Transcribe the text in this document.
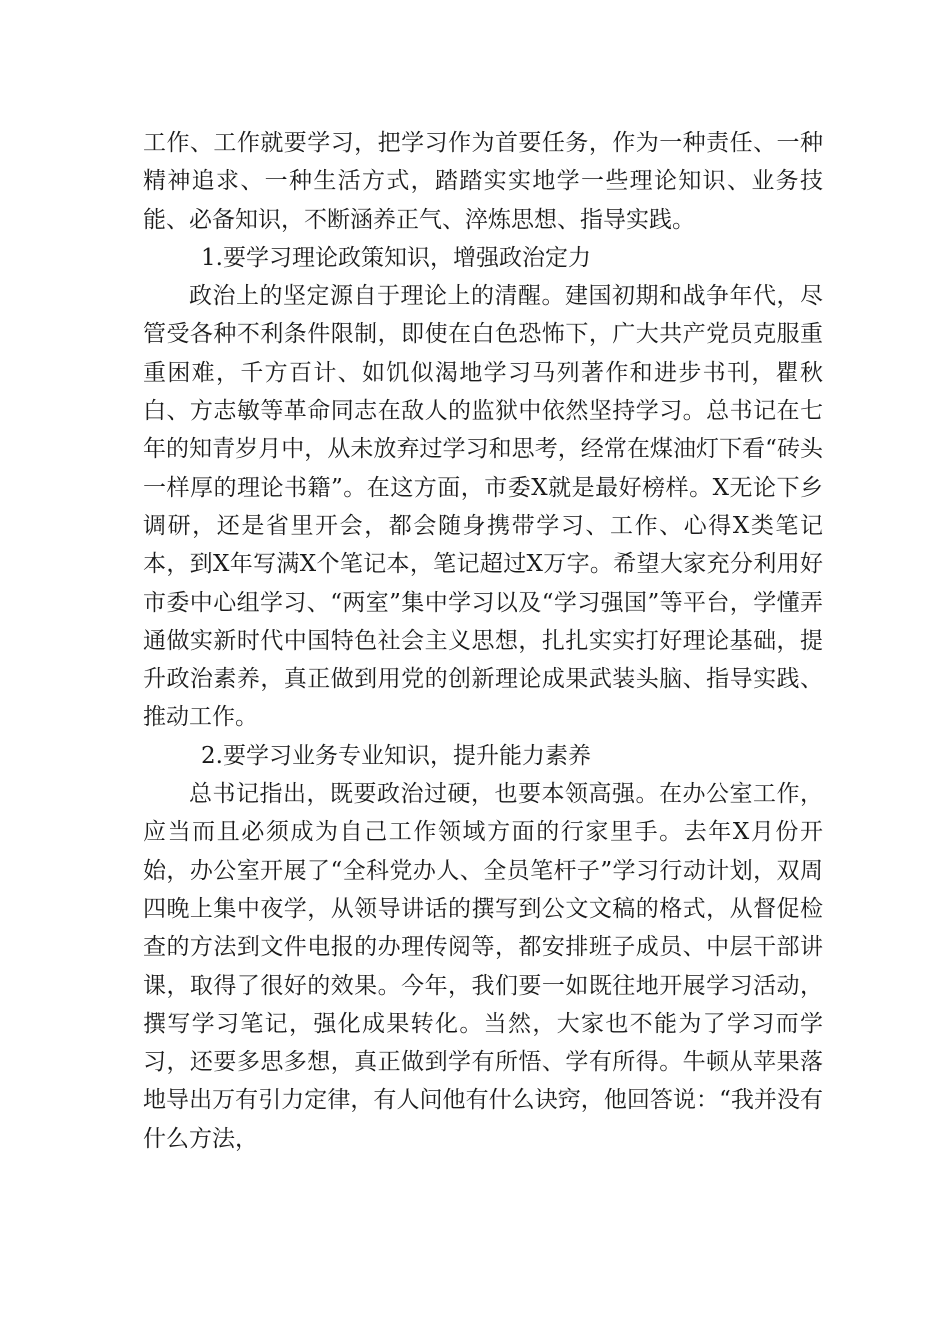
工作、工作就要学习，把学习作为首要任务，作为一种责任、一种精神追求、一种生活方式，踏踏实实地学一些理论知识、业务技能、必备知识，不断涵养正气、淬炼思想、指导实践。

1.要学习理论政策知识，增强政治定力

政治上的坚定源自于理论上的清醒。建国初期和战争年代，尽管受各种不利条件限制，即使在白色恐怖下，广大共产党员克服重重困难，千方百计、如饥似渴地学习马列著作和进步书刊，瞿秋白、方志敏等革命同志在敌人的监狱中依然坚持学习。总书记在七年的知青岁月中，从未放弃过学习和思考，经常在煤油灯下看“砖头一样厚的理论书籍”。在这方面，市委X就是最好榜样。X无论下乡调研，还是省里开会，都会随身携带学习、工作、心得X类笔记本，到X年写满X个笔记本，笔记超过X万字。希望大家充分利用好市委中心组学习、“两室”集中学习以及“学习强国”等平台，学懂弄通做实新时代中国特色社会主义思想，扎扎实实打好理论基础，提升政治素养，真正做到用党的创新理论成果武装头脑、指导实践、推动工作。

2.要学习业务专业知识，提升能力素养

总书记指出，既要政治过硬，也要本领高强。在办公室工作，应当而且必须成为自己工作领域方面的行家里手。去年X月份开始，办公室开展了“全科党办人、全员笔杆子”学习行动计划，双周四晚上集中夜学，从领导讲话的撰写到公文文稿的格式，从督促检查的方法到文件电报的办理传阅等，都安排班子成员、中层干部讲课，取得了很好的效果。今年，我们要一如既往地开展学习活动，撰写学习笔记，强化成果转化。当然，大家也不能为了学习而学习，还要多思多想，真正做到学有所悟、学有所得。牛顿从苹果落地导出万有引力定律，有人问他有什么诀窍，他回答说：“我并没有什么方法，
